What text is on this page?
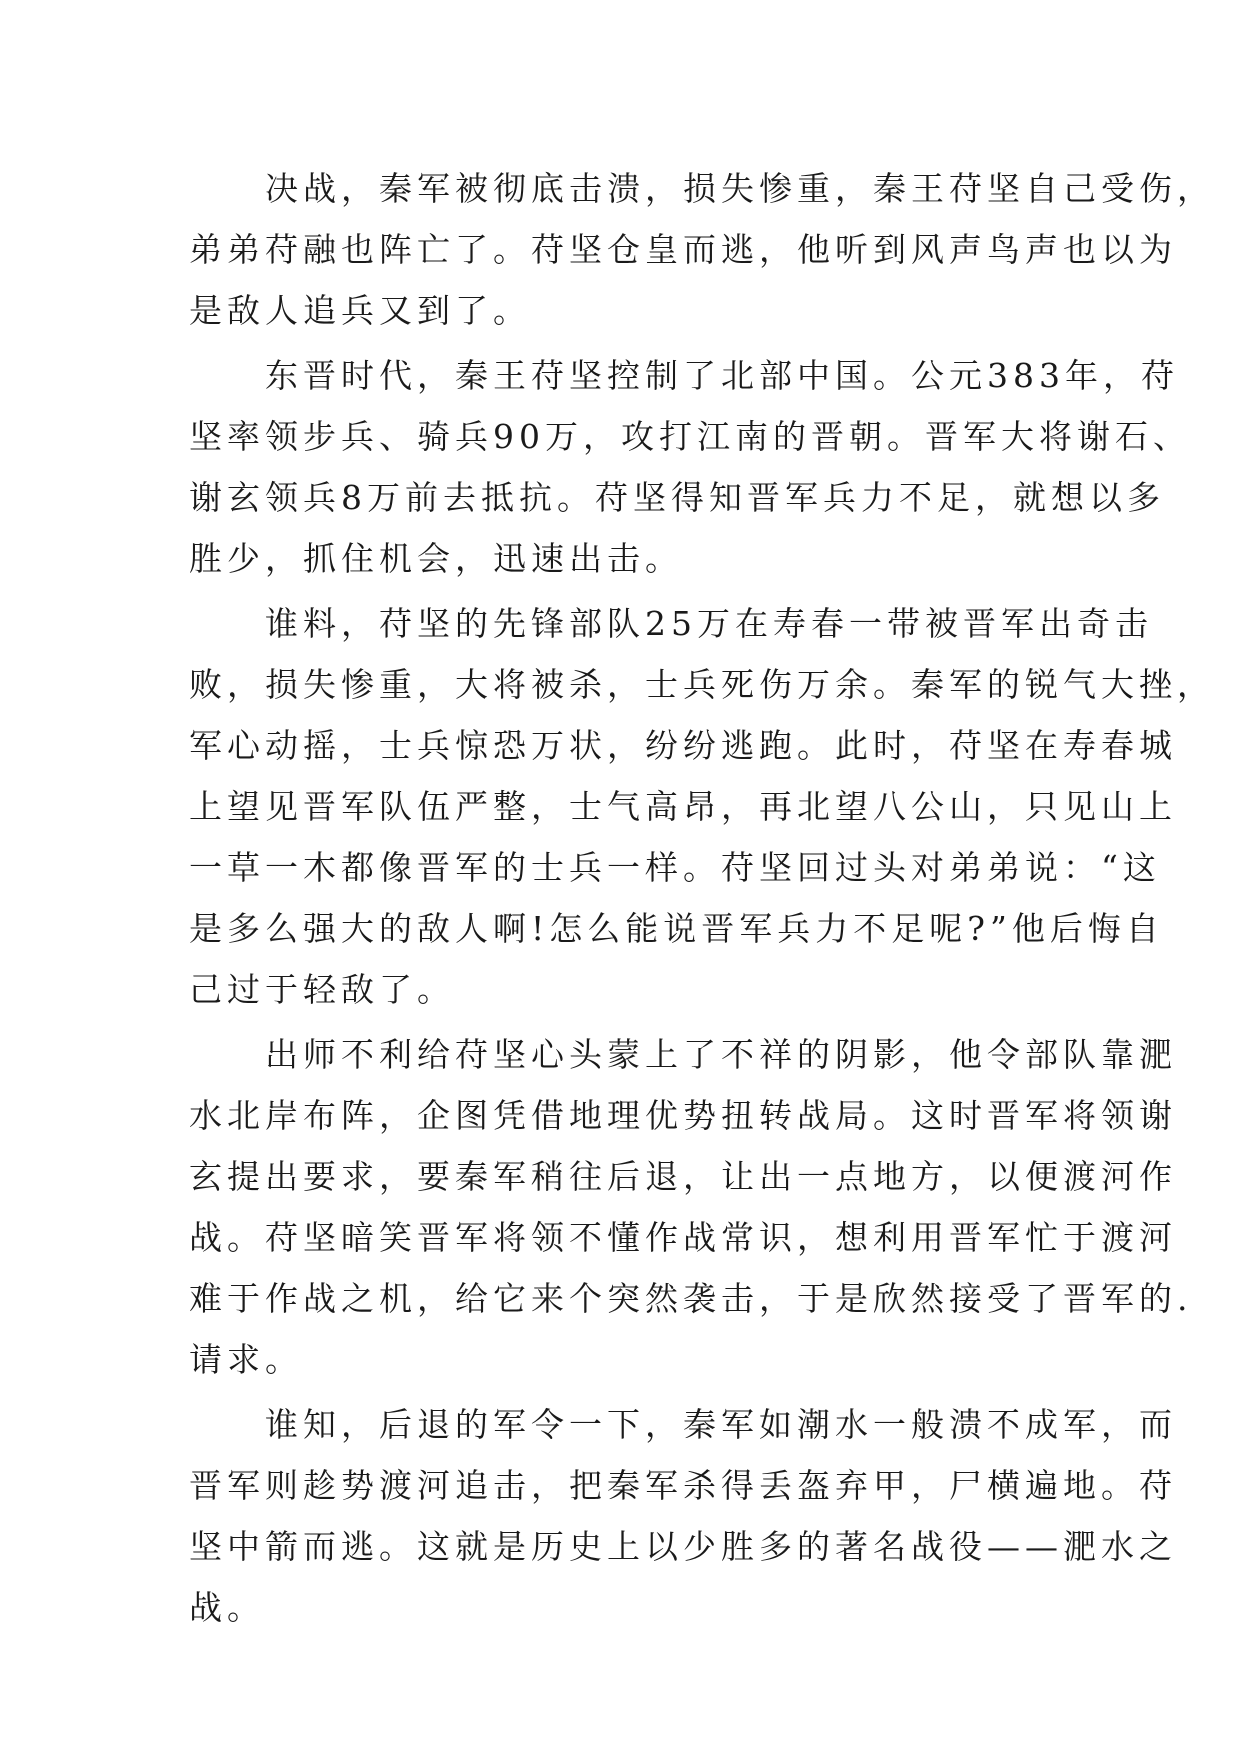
决战，秦军被彻底击溃，损失惨重，秦王苻坚自己受伤，
弟弟苻融也阵亡了。苻坚仓皇而逃，他听到风声鸟声也以为
是敌人追兵又到了。

东晋时代，秦王苻坚控制了北部中国。公元383年，苻
坚率领步兵、骑兵90万，攻打江南的晋朝。晋军大将谢石、
谢玄领兵8万前去抵抗。苻坚得知晋军兵力不足，就想以多
胜少，抓住机会，迅速出击。

谁料，苻坚的先锋部队25万在寿春一带被晋军出奇击
败，损失惨重，大将被杀，士兵死伤万余。秦军的锐气大挫，
军心动摇，士兵惊恐万状，纷纷逃跑。此时，苻坚在寿春城
上望见晋军队伍严整，士气高昂，再北望八公山，只见山上
一草一木都像晋军的士兵一样。苻坚回过头对弟弟说：“这
是多么强大的敌人啊!怎么能说晋军兵力不足呢?”他后悔自
己过于轻敌了。

出师不利给苻坚心头蒙上了不祥的阴影，他令部队靠淝
水北岸布阵，企图凭借地理优势扭转战局。这时晋军将领谢
玄提出要求，要秦军稍往后退，让出一点地方，以便渡河作
战。苻坚暗笑晋军将领不懂作战常识，想利用晋军忙于渡河
难于作战之机，给它来个突然袭击，于是欣然接受了晋军的.
请求。

谁知，后退的军令一下，秦军如潮水一般溃不成军，而
晋军则趁势渡河追击，把秦军杀得丢盔弃甲，尸横遍地。苻
坚中箭而逃。这就是历史上以少胜多的著名战役——淝水之
战。
